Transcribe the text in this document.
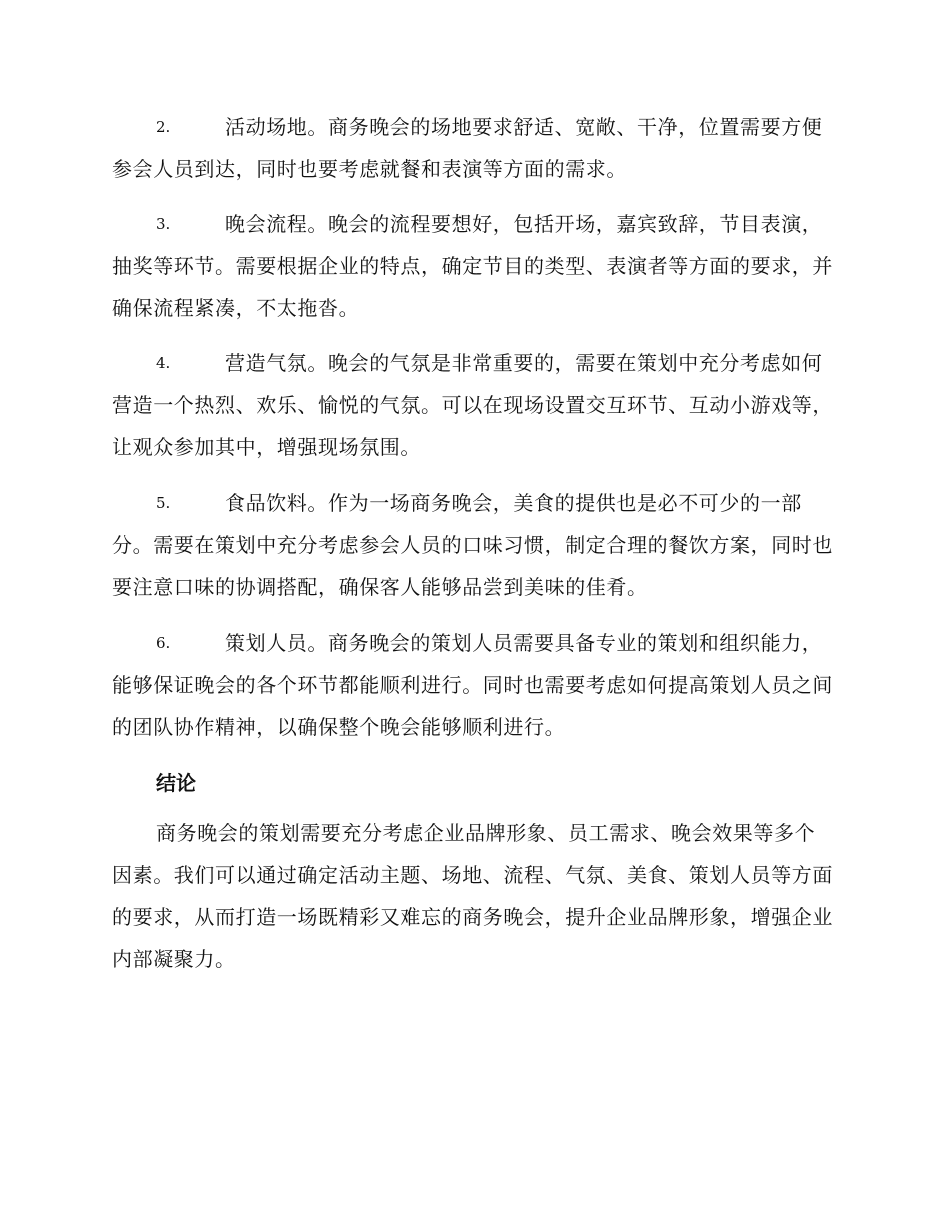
2.	活动场地。商务晚会的场地要求舒适、宽敞、干净，位置需要方便参会人员到达，同时也要考虑就餐和表演等方面的需求。

3.	晚会流程。晚会的流程要想好，包括开场，嘉宾致辞，节目表演，抽奖等环节。需要根据企业的特点，确定节目的类型、表演者等方面的要求，并确保流程紧凑，不太拖沓。

4.	营造气氛。晚会的气氛是非常重要的，需要在策划中充分考虑如何营造一个热烈、欢乐、愉悦的气氛。可以在现场设置交互环节、互动小游戏等，让观众参加其中，增强现场氛围。

5.	食品饮料。作为一场商务晚会，美食的提供也是必不可少的一部分。需要在策划中充分考虑参会人员的口味习惯，制定合理的餐饮方案，同时也要注意口味的协调搭配，确保客人能够品尝到美味的佳肴。

6.	策划人员。商务晚会的策划人员需要具备专业的策划和组织能力，能够保证晚会的各个环节都能顺利进行。同时也需要考虑如何提高策划人员之间的团队协作精神，以确保整个晚会能够顺利进行。

结论

商务晚会的策划需要充分考虑企业品牌形象、员工需求、晚会效果等多个因素。我们可以通过确定活动主题、场地、流程、气氛、美食、策划人员等方面的要求，从而打造一场既精彩又难忘的商务晚会，提升企业品牌形象，增强企业内部凝聚力。
